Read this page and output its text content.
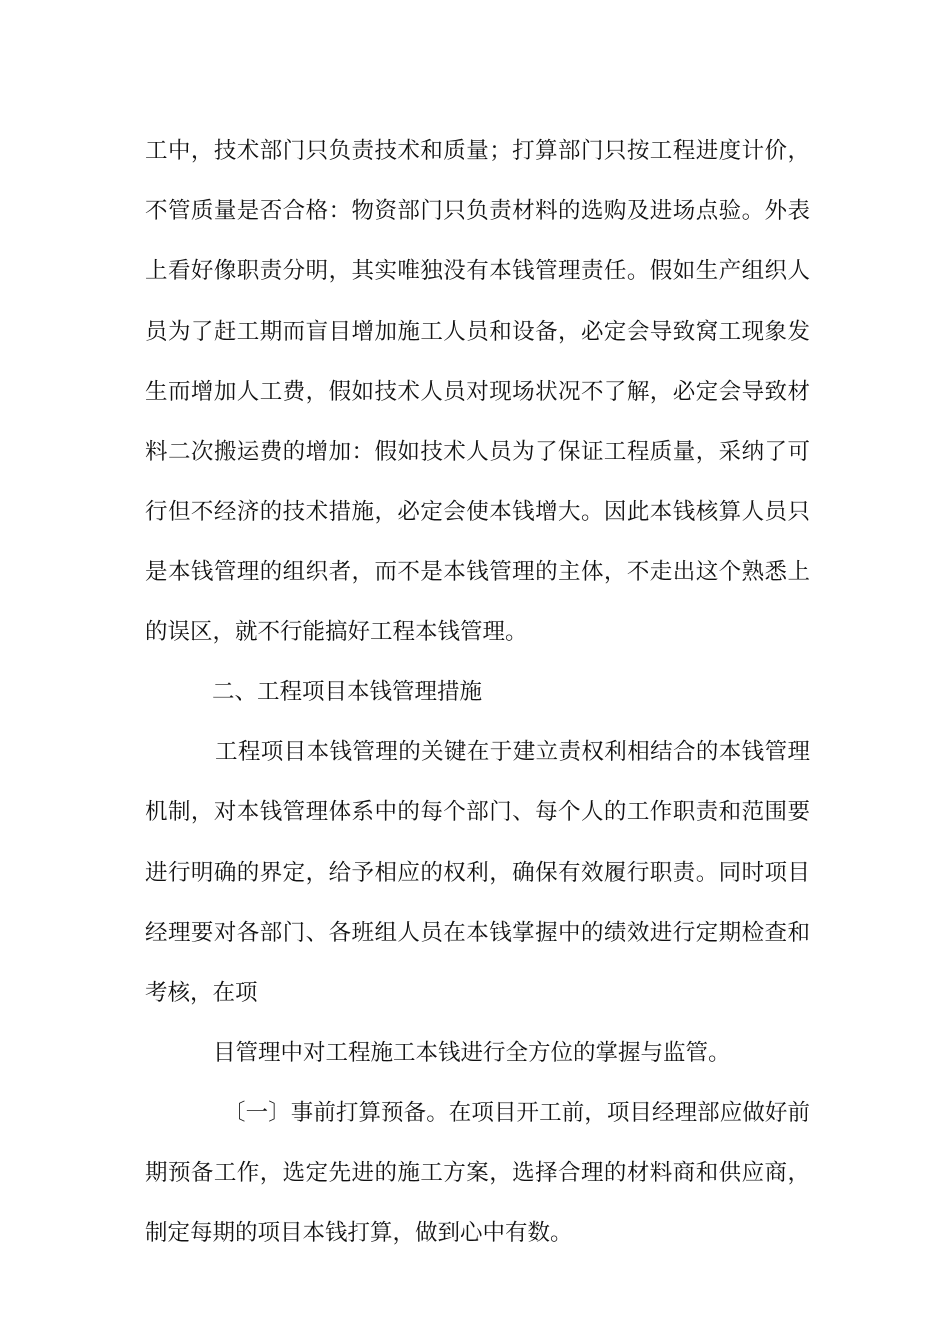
工中，技术部门只负责技术和质量；打算部门只按工程进度计价，
不管质量是否合格：物资部门只负责材料的选购及进场点验。外表
上看好像职责分明，其实唯独没有本钱管理责任。假如生产组织人
员为了赶工期而盲目增加施工人员和设备，必定会导致窝工现象发
生而增加人工费，假如技术人员对现场状况不了解，必定会导致材
料二次搬运费的增加：假如技术人员为了保证工程质量，采纳了可
行但不经济的技术措施，必定会使本钱增大。因此本钱核算人员只
是本钱管理的组织者，而不是本钱管理的主体，不走出这个熟悉上
的误区，就不行能搞好工程本钱管理。
二、工程项目本钱管理措施
工程项目本钱管理的关键在于建立责权利相结合的本钱管理
机制，对本钱管理体系中的每个部门、每个人的工作职责和范围要
进行明确的界定，给予相应的权利，确保有效履行职责。同时项目
经理要对各部门、各班组人员在本钱掌握中的绩效进行定期检查和
考核，在项
目管理中对工程施工本钱进行全方位的掌握与监管。
〔一〕事前打算预备。在项目开工前，项目经理部应做好前
期预备工作，选定先进的施工方案，选择合理的材料商和供应商，
制定每期的项目本钱打算，做到心中有数。
